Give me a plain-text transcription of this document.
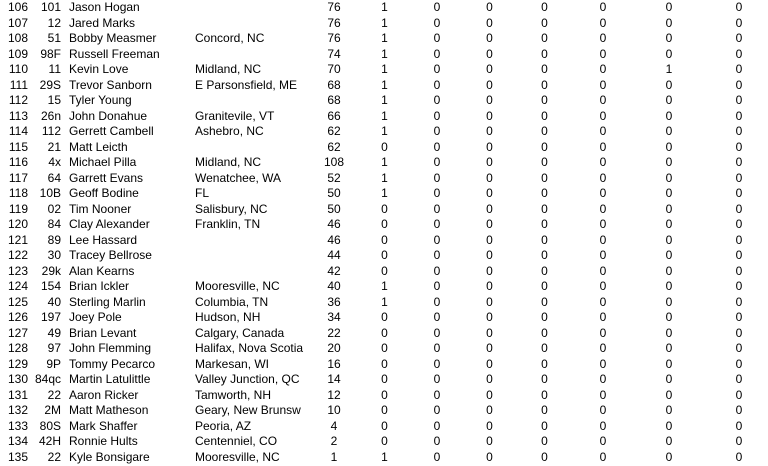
106	101	Jason Hogan		76	1	0	0	0	0	0	0
107	12	Jared Marks		76	1	0	0	0	0	0	0
108	51	Bobby Measmer	Concord, NC	76	1	0	0	0	0	0	0
109	98F	Russell Freeman		74	1	0	0	0	0	0	0
110	11	Kevin Love	Midland, NC	70	1	0	0	0	0	1	0
111	29S	Trevor Sanborn	E Parsonsfield, ME	68	1	0	0	0	0	0	0
112	15	Tyler Young		68	1	0	0	0	0	0	0
113	26n	John Donahue	Granitevile, VT	66	1	0	0	0	0	0	0
114	112	Gerrett Cambell	Ashebro, NC	62	1	0	0	0	0	0	0
115	21	Matt Leicth		62	0	0	0	0	0	0	0
116	4x	Michael Pilla	Midland, NC	108	1	0	0	0	0	0	0
117	64	Garrett Evans	Wenatchee, WA	52	1	0	0	0	0	0	0
118	10B	Geoff Bodine	FL	50	1	0	0	0	0	0	0
119	02	Tim Nooner	Salisbury, NC	50	0	0	0	0	0	0	0
120	84	Clay Alexander	Franklin, TN	46	0	0	0	0	0	0	0
121	89	Lee Hassard		46	0	0	0	0	0	0	0
122	30	Tracey Bellrose		44	0	0	0	0	0	0	0
123	29k	Alan Kearns		42	0	0	0	0	0	0	0
124	154	Brian Ickler	Mooresville, NC	40	1	0	0	0	0	0	0
125	40	Sterling Marlin	Columbia, TN	36	1	0	0	0	0	0	0
126	197	Joey Pole	Hudson, NH	34	0	0	0	0	0	0	0
127	49	Brian Levant	Calgary, Canada	22	0	0	0	0	0	0	0
128	97	John Flemming	Halifax, Nova Scotia	20	0	0	0	0	0	0	0
129	9P	Tommy Pecarco	Markesan, WI	16	0	0	0	0	0	0	0
130	84qc	Martin Latulittle	Valley Junction, QC	14	0	0	0	0	0	0	0
131	22	Aaron Ricker	Tamworth, NH	12	0	0	0	0	0	0	0
132	2M	Matt Matheson	Geary, New Brunsw	10	0	0	0	0	0	0	0
133	80S	Mark Shaffer	Peoria, AZ	4	0	0	0	0	0	0	0
134	42H	Ronnie Hults	Centenniel, CO	2	0	0	0	0	0	0	0
135	22	Kyle Bonsigare	Mooresville, NC	1	1	0	0	0	0	0	0
